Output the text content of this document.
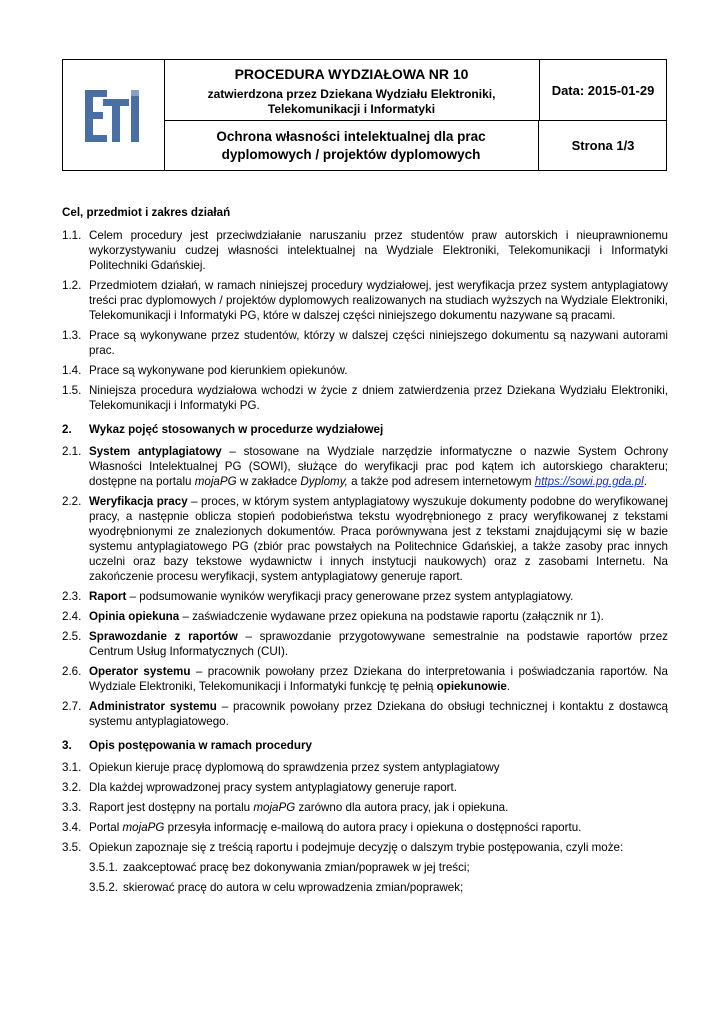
PROCEDURA WYDZIAŁOWA NR 10
zatwierdzona przez Dziekana Wydziału Elektroniki,
Telekomunikacji i Informatyki
Data: 2015-01-29
Ochrona własności intelektualnej dla prac
dyplomowych / projektów dyplomowych
Strona 1/3
Cel, przedmiot i zakres działań
1.1. Celem procedury jest przeciwdziałanie naruszaniu przez studentów praw autorskich i nieuprawnionemu wykorzystywaniu cudzej własności intelektualnej na Wydziale Elektroniki, Telekomunikacji i Informatyki Politechniki Gdańskiej.
1.2. Przedmiotem działań, w ramach niniejszej procedury wydziałowej, jest weryfikacja przez system antyplagiatowy treści prac dyplomowych / projektów dyplomowych realizowanych na studiach wyższych na Wydziale Elektroniki, Telekomunikacji i Informatyki PG, które w dalszej części niniejszego dokumentu nazywane są pracami.
1.3. Prace są wykonywane przez studentów, którzy w dalszej części niniejszego dokumentu są nazywani autorami prac.
1.4. Prace są wykonywane pod kierunkiem opiekunów.
1.5. Niniejsza procedura wydziałowa wchodzi w życie z dniem zatwierdzenia przez Dziekana Wydziału Elektroniki, Telekomunikacji i Informatyki PG.
2.	Wykaz pojęć stosowanych w procedurze wydziałowej
2.1. System antyplagiatowy – stosowane na Wydziale narzędzie informatyczne o nazwie System Ochrony Własności Intelektualnej PG (SOWI), służące do weryfikacji prac pod kątem ich autorskiego charakteru; dostępne na portalu mojaPG w zakładce Dyplomy, a także pod adresem internetowym https://sowi.pg.gda.pl.
2.2. Weryfikacja pracy – proces, w którym system antyplagiatowy wyszukuje dokumenty podobne do weryfikowanej pracy, a następnie oblicza stopień podobieństwa tekstu wyodrębnionego z pracy weryfikowanej z tekstami wyodrębnionymi ze znalezionych dokumentów. Praca porównywana jest z tekstami znajdującymi się w bazie systemu antyplagiatowego PG (zbiór prac powstałych na Politechnice Gdańskiej, a także zasoby prac innych uczelni oraz bazy tekstowe wydawnictw i innych instytucji naukowych) oraz z zasobami Internetu. Na zakończenie procesu weryfikacji, system antyplagiatowy generuje raport.
2.3. Raport – podsumowanie wyników weryfikacji pracy generowane przez system antyplagiatowy.
2.4. Opinia opiekuna – zaświadczenie wydawane przez opiekuna na podstawie raportu (załącznik nr 1).
2.5. Sprawozdanie z raportów – sprawozdanie przygotowywane semestralnie na podstawie raportów przez Centrum Usług Informatycznych (CUI).
2.6. Operator systemu – pracownik powołany przez Dziekana do interpretowania i poświadczania raportów. Na Wydziale Elektroniki, Telekomunikacji i Informatyki funkcję tę pełnią opiekunowie.
2.7. Administrator systemu – pracownik powołany przez Dziekana do obsługi technicznej i kontaktu z dostawcą systemu antyplagiatowego.
3.	Opis postępowania w ramach procedury
3.1. Opiekun kieruje pracę dyplomową do sprawdzenia przez system antyplagiatowy
3.2. Dla każdej wprowadzonej pracy system antyplagiatowy generuje raport.
3.3. Raport jest dostępny na portalu mojaPG zarówno dla autora pracy, jak i opiekuna.
3.4. Portal mojaPG przesyła informację e-mailową do autora pracy i opiekuna o dostępności raportu.
3.5. Opiekun zapoznaje się z treścią raportu i podejmuje decyzję o dalszym trybie postępowania, czyli może:
3.5.1. zaakceptować pracę bez dokonywania zmian/poprawek w jej treści;
3.5.2. skierować pracę do autora w celu wprowadzenia zmian/poprawek;
